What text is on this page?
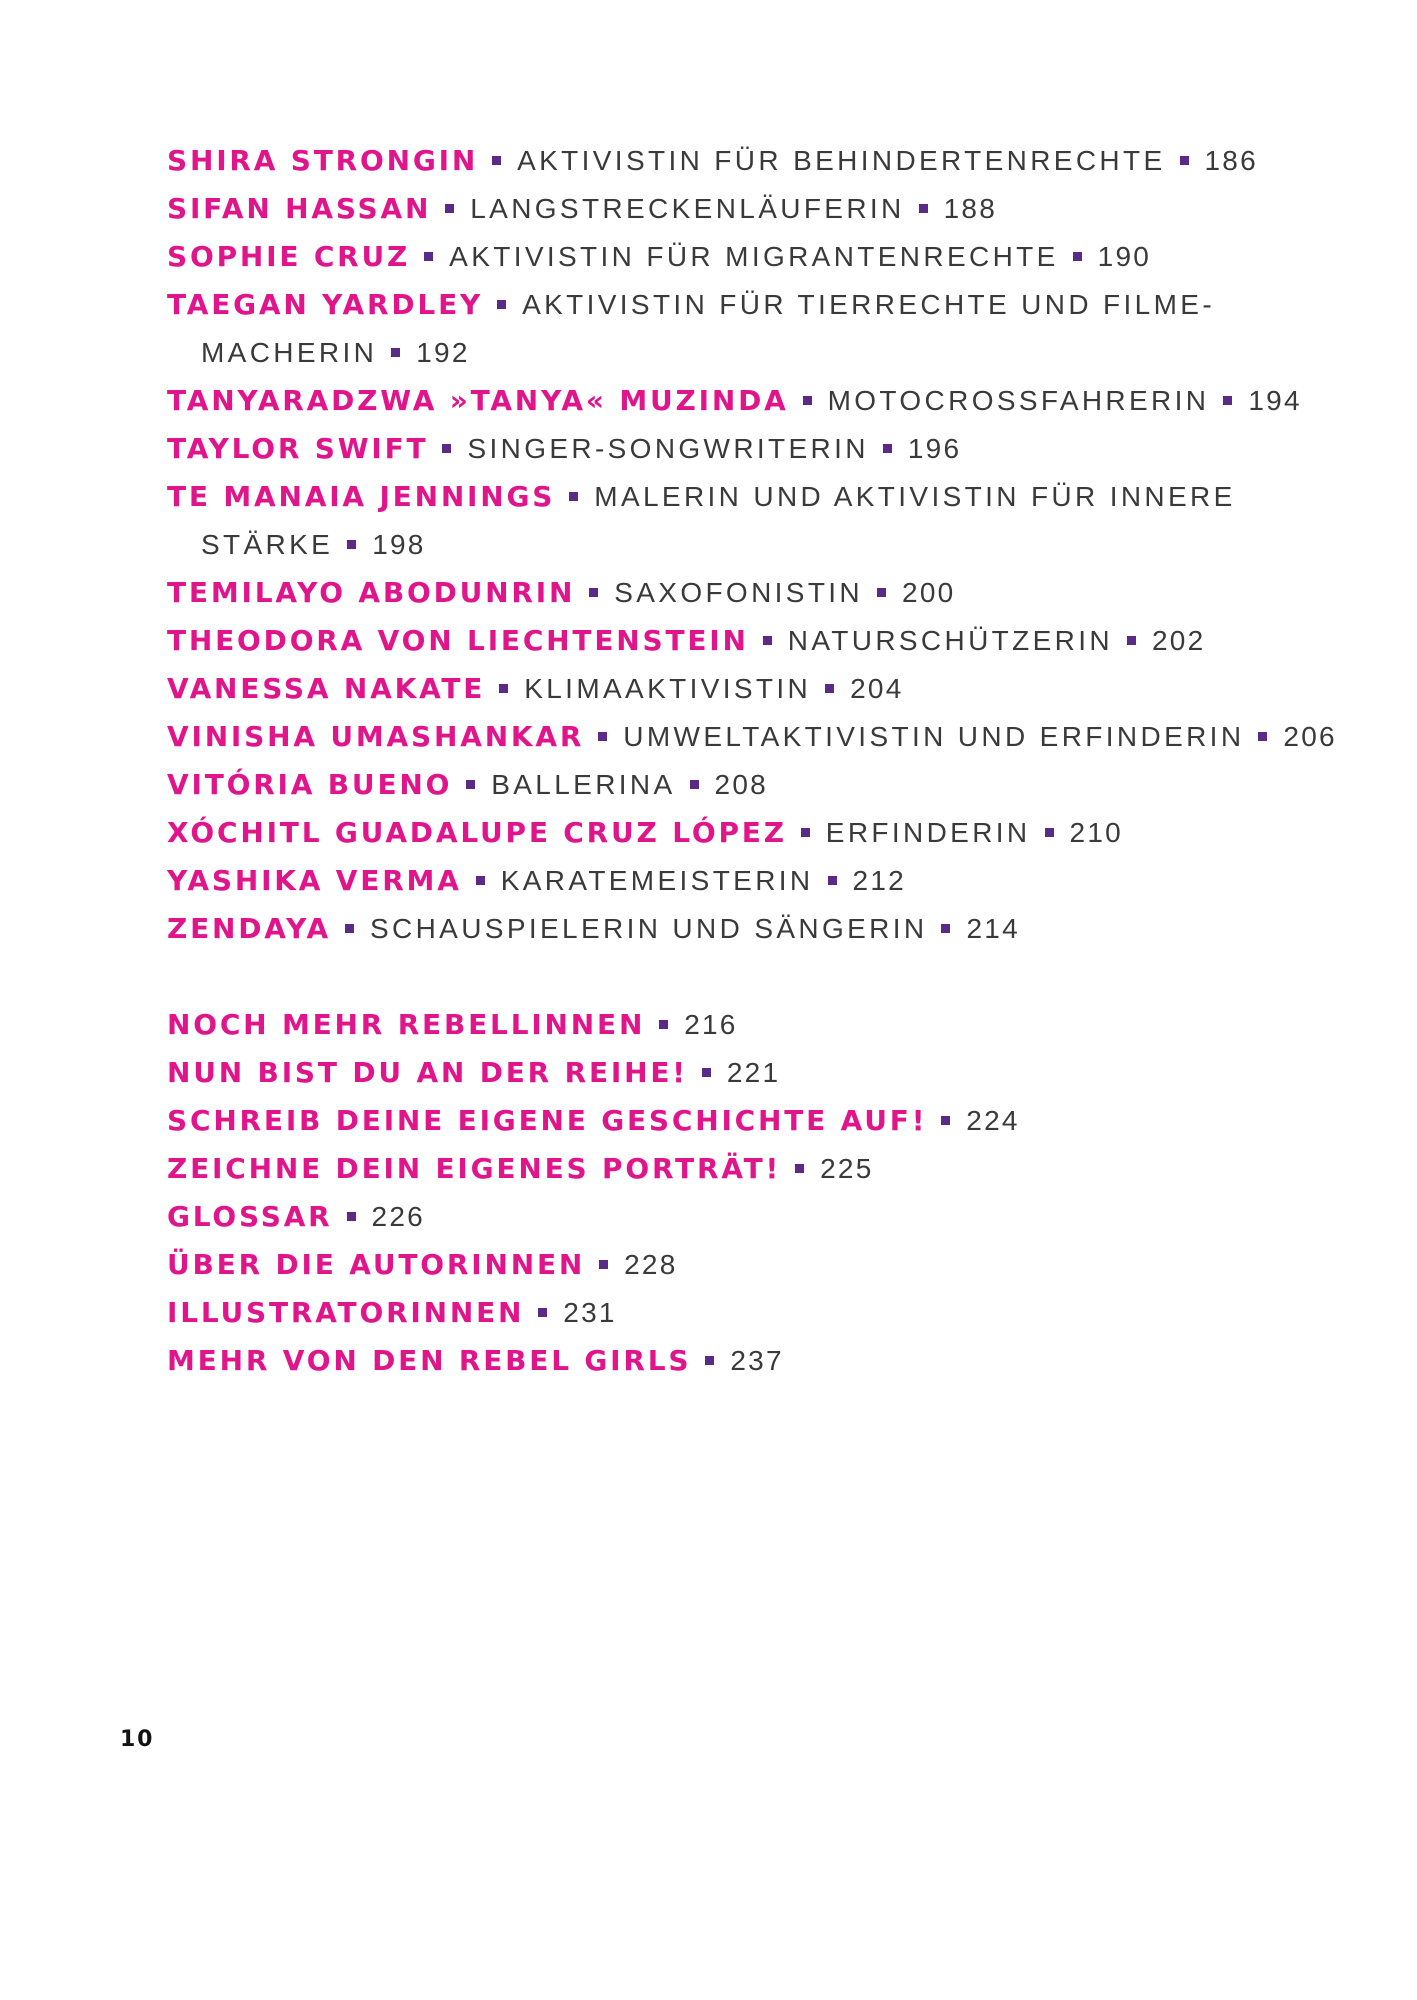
SHIRA STRONGIN AKTIVISTIN FÜR BEHINDERTENRECHTE 186
SIFAN HASSAN LANGSTRECKENLÄUFERIN 188
SOPHIE CRUZ AKTIVISTIN FÜR MIGRANTENRECHTE 190
TAEGAN YARDLEY AKTIVISTIN FÜR TIERRECHTE UND FILME-
MACHERIN 192
TANYARADZWA »TANYA« MUZINDA MOTOCROSSFAHRERIN 194
TAYLOR SWIFT SINGER-SONGWRITERIN 196
TE MANAIA JENNINGS MALERIN UND AKTIVISTIN FÜR INNERE
STÄRKE 198
TEMILAYO ABODUNRIN SAXOFONISTIN 200
THEODORA VON LIECHTENSTEIN NATURSCHÜTZERIN 202
VANESSA NAKATE KLIMAAKTIVISTIN 204
VINISHA UMASHANKAR UMWELTAKTIVISTIN UND ERFINDERIN 206
VITÓRIA BUENO BALLERINA 208
XÓCHITL GUADALUPE CRUZ LÓPEZ ERFINDERIN 210
YASHIKA VERMA KARATEMEISTERIN 212
ZENDAYA SCHAUSPIELERIN UND SÄNGERIN 214
NOCH MEHR REBELLINNEN 216
NUN BIST DU AN DER REIHE! 221
SCHREIB DEINE EIGENE GESCHICHTE AUF! 224
ZEICHNE DEIN EIGENES PORTRÄT! 225
GLOSSAR 226
ÜBER DIE AUTORINNEN 228
ILLUSTRATORINNEN 231
MEHR VON DEN REBEL GIRLS 237
10
